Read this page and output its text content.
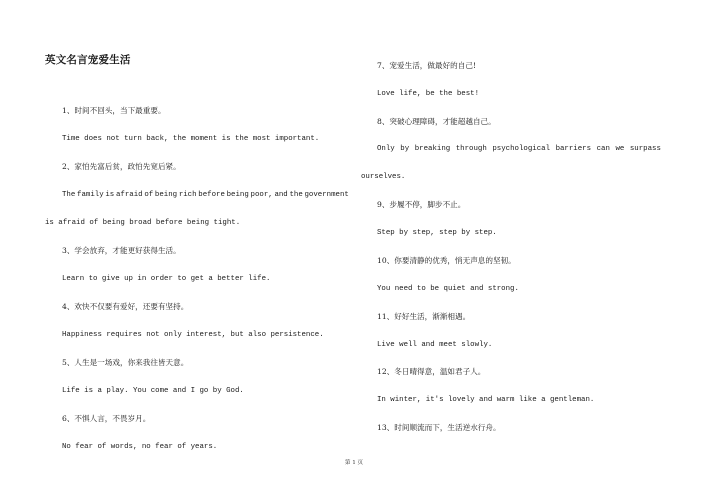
英文名言宠爱生活
1、时间不回头，当下最重要。
Time does not turn back, the moment is the most important.
2、家怕先富后贫，政怕先宽后紧。
The family is afraid of being rich before being poor, and the government
is afraid of being broad before being tight.
3、学会放弃，才能更好获得生活。
Learn to give up in order to get a better life.
4、欢快不仅要有爱好，还要有坚持。
Happiness requires not only interest, but also persistence.
5、人生是一场戏，你来我往皆天意。
Life is a play. You come and I go by God.
6、不惧人言，不畏岁月。
No fear of words, no fear of years.
7、宠爱生活，做最好的自己!
Love life, be the best!
8、突破心理障碍，才能超越自己。
Only by breaking through psychological barriers can we surpass
ourselves.
9、步履不停，脚步不止。
Step by step, step by step.
10、你要清静的优秀，悄无声息的坚韧。
You need to be quiet and strong.
11、好好生活，渐渐相遇。
Live well and meet slowly.
12、冬日晴得意，温如君子人。
In winter, it's lovely and warm like a gentleman.
13、时间顺流而下，生活逆水行舟。
第 1 页
